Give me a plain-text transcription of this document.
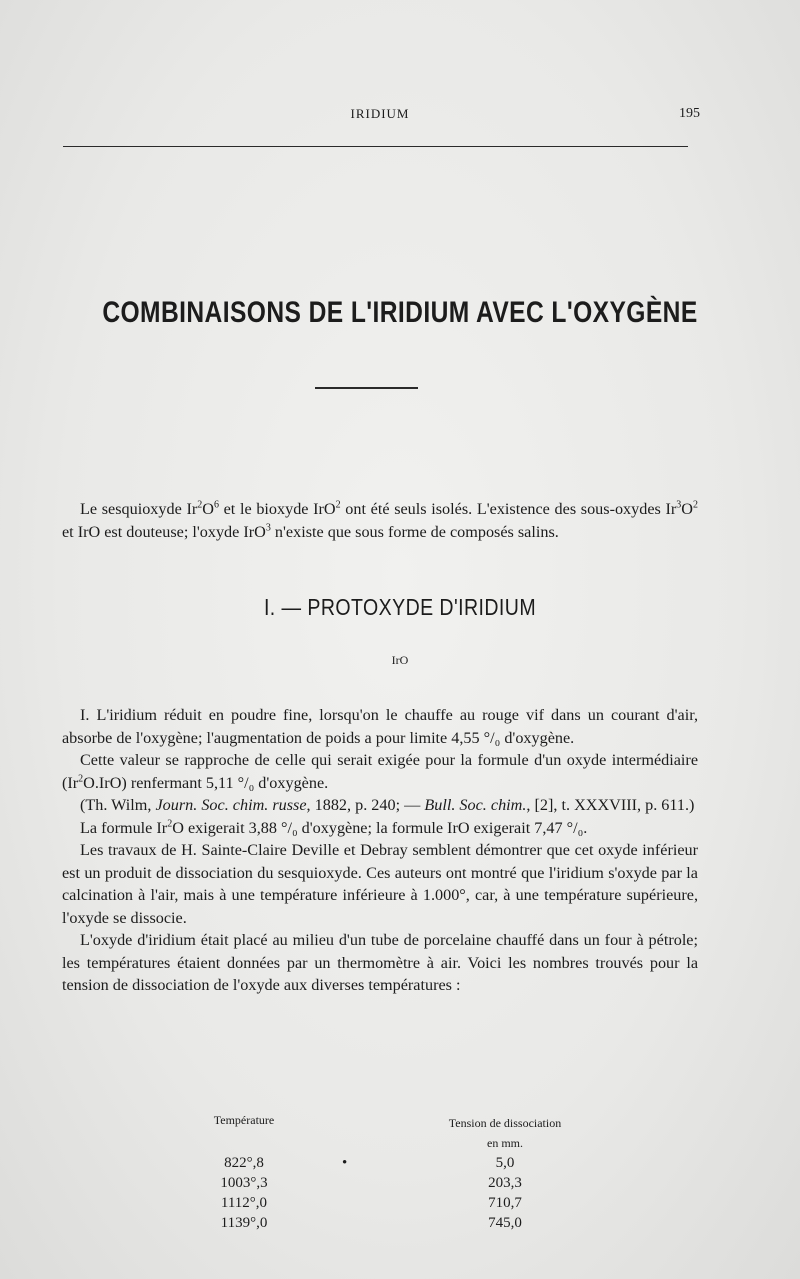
IRIDIUM	195
COMBINAISONS DE L'IRIDIUM AVEC L'OXYGÈNE

Le sesquioxyde $Ir^2O^6$ et le bioxyde IrO$^2$ ont été seuls isolés. L'existence des sous-oxydes $Ir^3O^2$ et IrO est douteuse; l'oxyde IrO$^3$ n'existe que sous forme de composés salins.

I. — PROTOXYDE D'IRIDIUM
IrO

I. L'iridium réduit en poudre fine, lorsqu'on le chauffe au rouge vif dans un courant d'air, absorbe de l'oxygène; l'augmentation de poids a pour limite 4,55 °/₀ d'oxygène.

Cette valeur se rapproche de celle qui serait exigée pour la formule d'un oxyde intermédiaire (Ir$^2$O.IrO) renfermant 5,11 °/₀ d'oxygène.

(Th. Wilm, Journ. Soc. chim. russe, 1882, p. 240; — Bull. Soc. chim., [2], t. XXXVIII, p. 611.)

La formule Ir$^2$O exigerait 3,88 °/₀ d'oxygène; la formule IrO exigerait 7,47 °/₀.

Les travaux de H. Sainte-Claire Deville et Debray semblent démontrer que cet oxyde inférieur est un produit de dissociation du sesquioxyde. Ces auteurs ont montré que l'iridium s'oxyde par la calcination à l'air, mais à une température inférieure à 1.000°, car, à une température supérieure, l'oxyde se dissocie.

L'oxyde d'iridium était placé au milieu d'un tube de porcelaine chauffé dans un four à pétrole; les températures étaient données par un thermomètre à air. Voici les nombres trouvés pour la tension de dissociation de l'oxyde aux diverses températures :

Température	Tension de dissociation
en mm.
822°,8	•	5,0
1003°,3	203,3
1112°,0	710,7
1139°,0	745,0
